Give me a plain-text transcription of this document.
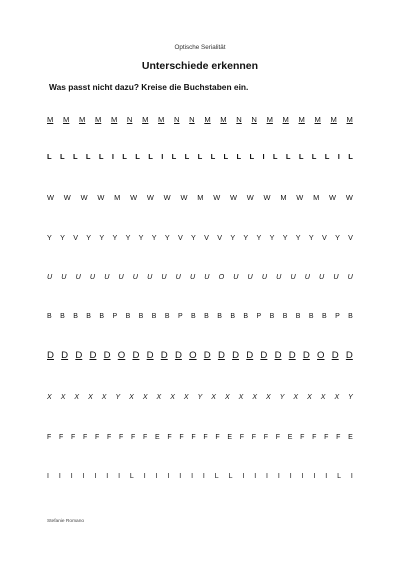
Optische Serialität
Unterschiede erkennen
Was passt nicht dazu? Kreise die Buchstaben ein.
M M M M M N M M N N M M N N M M M M M M
L L L L L I L L L I L L L L L L L I L L L L L I L
W W W W M W W W W M W W W W M W M W W
Y Y V Y Y Y Y Y Y Y V Y V V Y Y Y Y Y Y Y V Y V
U U U U U U U U U U U U O U U U U U U U U U
B B B B B P B B B B P B B B B B P B B B B B P B
D D D D D O D D D D O D D D D D D D D O D D
X X X X X Y X X X X X Y X X X X X Y X X X X Y
F F F F F F F F F E F F F F F E F F F F E F F F F E
I I I I I I I L I I I I I I L L I I I I I I I I L I
Stefanie Romano
